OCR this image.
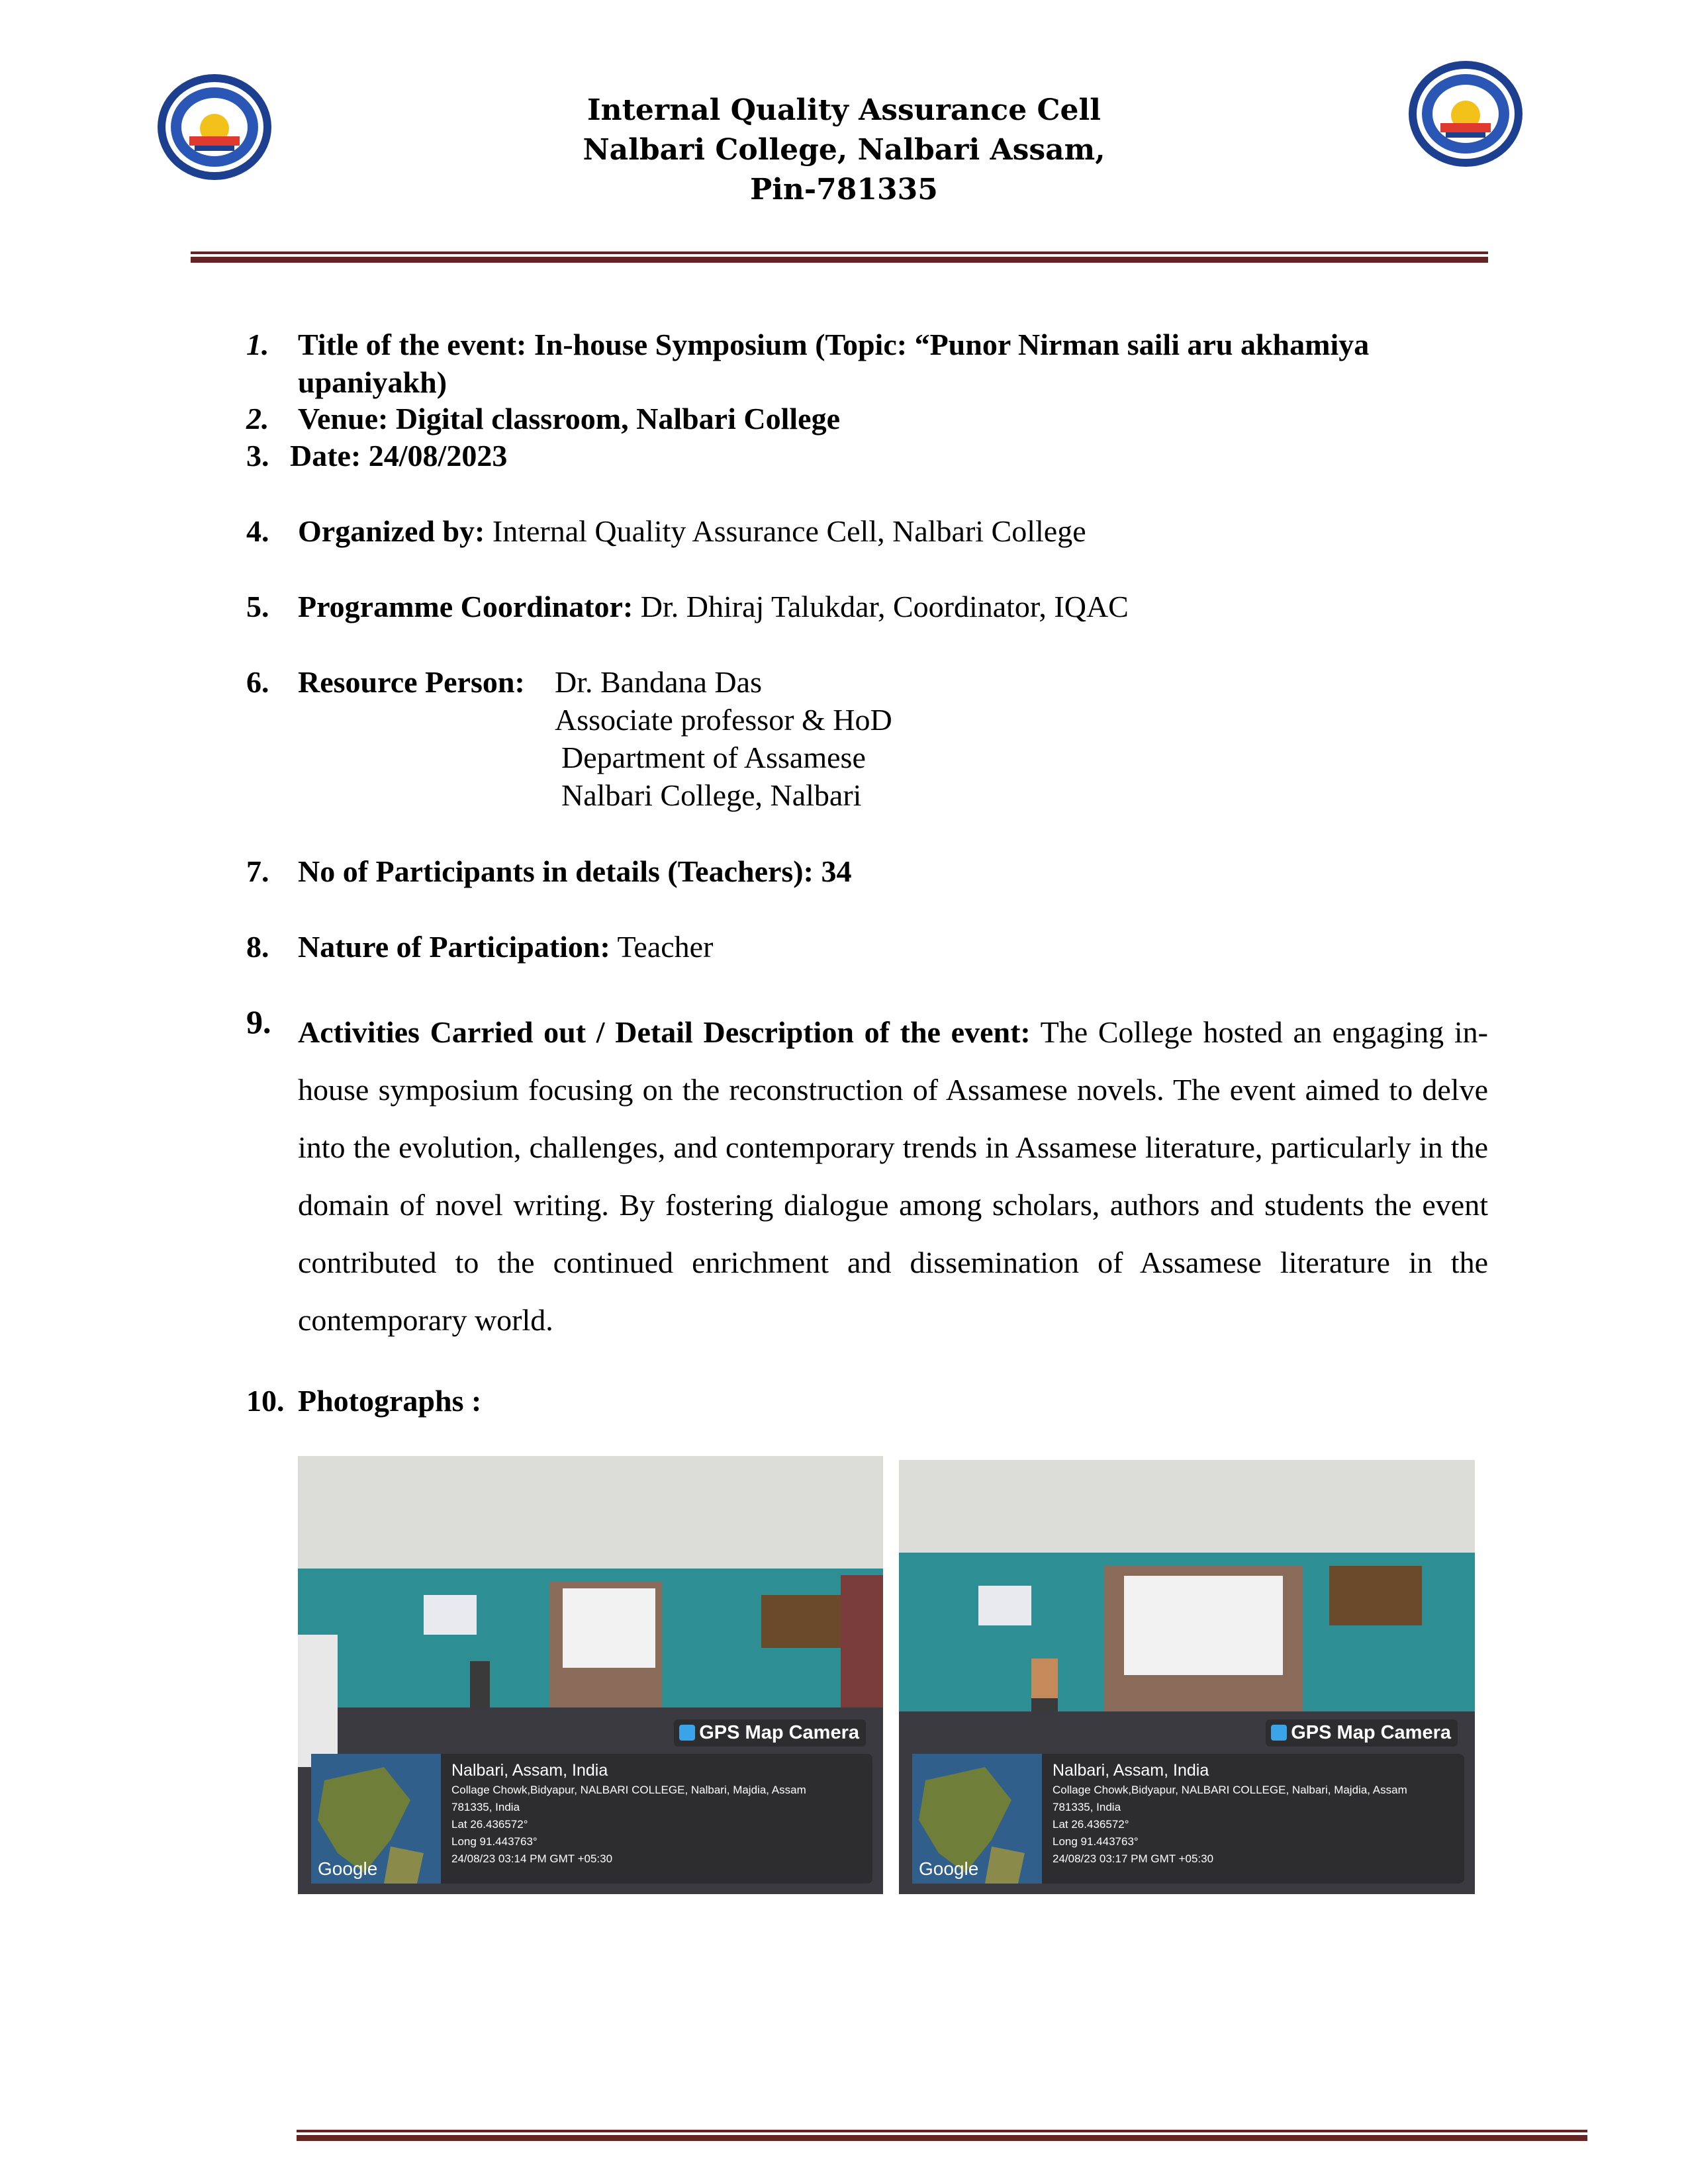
Internal Quality Assurance Cell
Nalbari College, Nalbari Assam,
Pin-781335
1. Title of the event: In-house Symposium (Topic: “Punor Nirman saili aru akhamiya
upaniyakh)
2. Venue: Digital classroom, Nalbari College
3. Date: 24/08/2023
4. Organized by: Internal Quality Assurance Cell, Nalbari College
5. Programme Coordinator: Dr. Dhiraj Talukdar, Coordinator, IQAC
6. Resource Person: Dr. Bandana Das
Associate professor & HoD
Department of Assamese
Nalbari College, Nalbari
7. No of Participants in details (Teachers): 34
8. Nature of Participation: Teacher
9. Activities Carried out / Detail Description of the event: The College hosted an engaging in-house symposium focusing on the reconstruction of Assamese novels. The event aimed to delve into the evolution, challenges, and contemporary trends in Assamese literature, particularly in the domain of novel writing. By fostering dialogue among scholars, authors and students the event contributed to the continued enrichment and dissemination of Assamese literature in the contemporary world.
10. Photographs :
GPS Map Camera
Google
Nalbari, Assam, India
Collage Chowk,Bidyapur, NALBARI COLLEGE, Nalbari, Majdia, Assam
781335, India
Lat 26.436572°
Long 91.443763°
24/08/23 03:14 PM GMT +05:30
GPS Map Camera
Google
Nalbari, Assam, India
Collage Chowk,Bidyapur, NALBARI COLLEGE, Nalbari, Majdia, Assam
781335, India
Lat 26.436572°
Long 91.443763°
24/08/23 03:17 PM GMT +05:30
